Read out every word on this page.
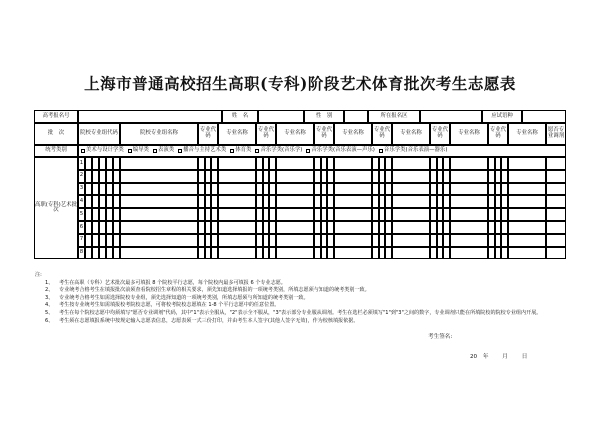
上海市普通高校招生高职(专科)阶段艺术体育批次考生志愿表
高考报名号	姓　名	性　别	所在报名区	应试语种
批　次	院校专业组代码	院校专业组名称	专业代码	专业名称	专业代码	专业名称	专业代码	专业名称	专业代码	专业名称	专业代码	专业名称	专业代码	专业名称	愿否专业调剂
统考类别	美术与设计学类 编导类 表演类 播音与主持艺术类 体育类 音乐学类(音乐学) 音乐学类(音乐表演—声乐) 音乐学类(音乐表演—器乐)
高职(专科)艺术批次
1
2
3
4
5
6
7
8
注:
1、	考生在高职（专科）艺术批次最多可填报 8 个院校平行志愿，每个院校内最多可填报 6 个专业志愿。
2、	专业统考合格考生在填报批次前须查看院校招生章程的相关要求，须先知道选择填报的一项统考类别，所填志愿须与知道的统考类别一致。
3、	专业统考合格考生如需选择院校专业组，须先选择知道的一项统考类别，所填志愿须与所知道的统考类别一致。
4、	考生按专业统考生如需填报校考院校志愿，可将校考院校志愿填在 1-8 个平行志愿中的任意位置。
5、	考生在每个院校志愿中均须填写"愿否专业调剂"代码，其中"1"表示全服从，"2"表示全不服从，"3"表示部分专业服从调剂。考生在选栏必须填写"1"到"3"之间的数字，专业调剂只能在所填院校的院校专业组内开展。
6、	考生须在志愿填报系统中按规定输入志愿表信息，志愿表须一式三份打印，并由考生本人签字(其他人签字无效)，作为校核填报依据。
考生签名:
20 年 月 日
